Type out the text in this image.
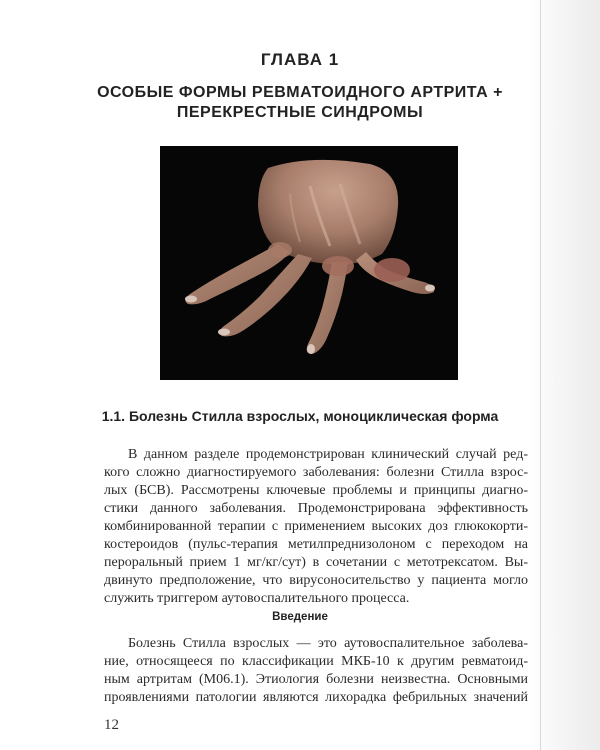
ГЛАВА 1
ОСОБЫЕ ФОРМЫ РЕВМАТОИДНОГО АРТРИТА +
ПЕРЕКРЕСТНЫЕ СИНДРОМЫ
1.1. Болезнь Стилла взрослых, моноциклическая форма
В данном разделе продемонстрирован клинический случай ред-
кого сложно диагностируемого заболевания: болезни Стилла взрос-
лых (БСВ). Рассмотрены ключевые проблемы и принципы диагно-
стики данного заболевания. Продемонстрирована эффективность
комбинированной терапии с применением высоких доз глюкокорти-
костероидов (пульс-терапия метилпреднизолоном с переходом на
пероральный прием 1 мг/кг/сут) в сочетании с метотрексатом. Вы-
двинуто предположение, что вирусоносительство у пациента могло
служить триггером аутовоспалительного процесса.
Введение
Болезнь Стилла взрослых — это аутовоспалительное заболева-
ние, относящееся по классификации МКБ-10 к другим ревматоид-
ным артритам (М06.1). Этиология болезни неизвестна. Основными
проявлениями патологии являются лихорадка фебрильных значений
12
